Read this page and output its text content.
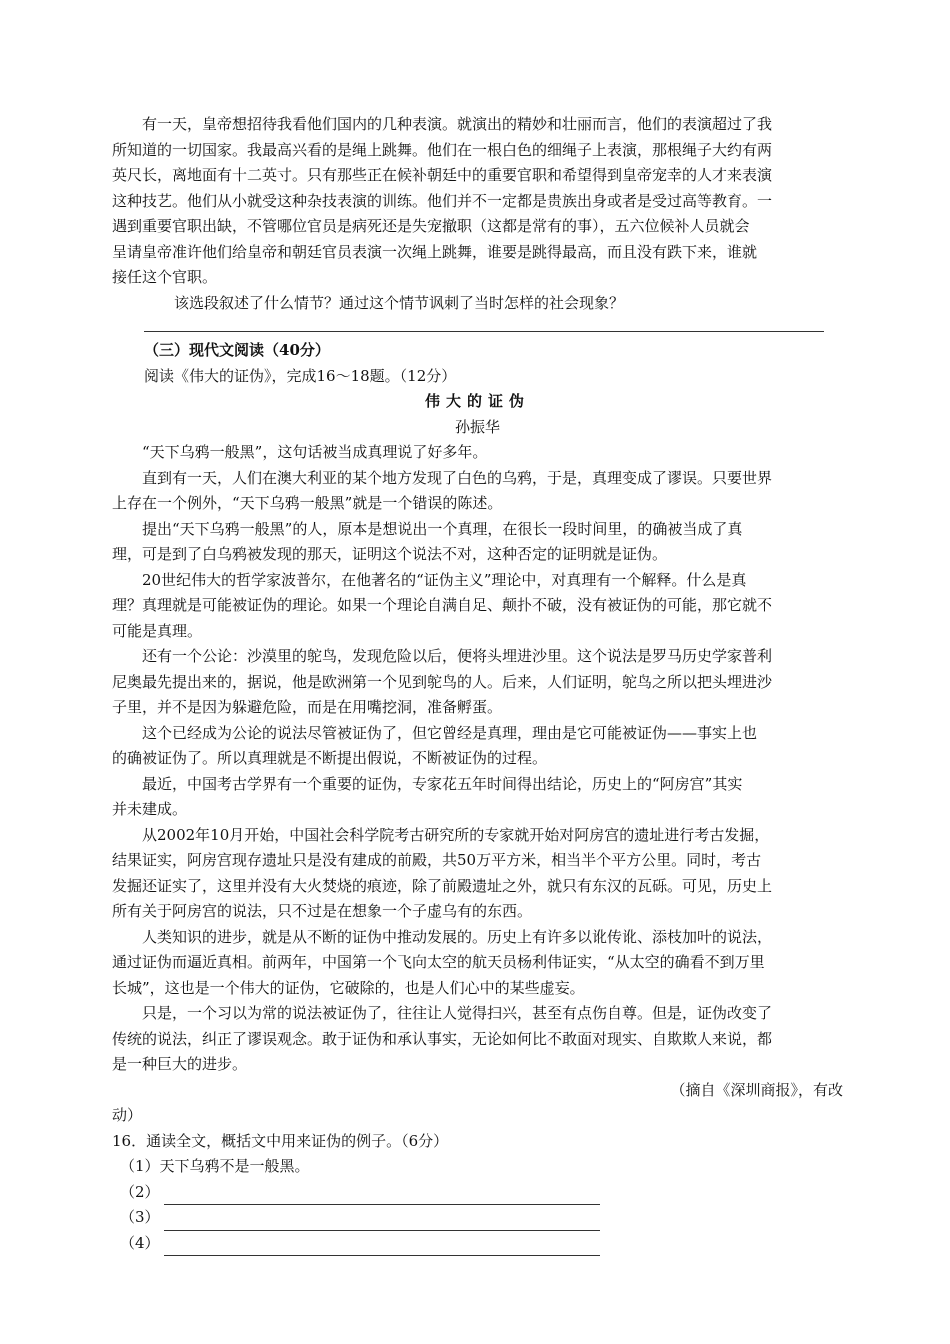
有一天，皇帝想招待我看他们国内的几种表演。就演出的精妙和壮丽而言，他们的表演超过了我

所知道的一切国家。我最高兴看的是绳上跳舞。他们在一根白色的细绳子上表演，那根绳子大约有两

英尺长，离地面有十二英寸。只有那些正在候补朝廷中的重要官职和希望得到皇帝宠幸的人才来表演

这种技艺。他们从小就受这种杂技表演的训练。他们并不一定都是贵族出身或者是受过高等教育。一

遇到重要官职出缺，不管哪位官员是病死还是失宠撤职（这都是常有的事），五六位候补人员就会

呈请皇帝准许他们给皇帝和朝廷官员表演一次绳上跳舞，谁要是跳得最高，而且没有跌下来，谁就

接任这个官职。

该选段叙述了什么情节？通过这个情节讽刺了当时怎样的社会现象？

（三）现代文阅读（40分）

阅读《伟大的证伪》，完成16～18题。（12分）

伟大的证伪

孙振华

“天下乌鸦一般黑”，这句话被当成真理说了好多年。

直到有一天，人们在澳大利亚的某个地方发现了白色的乌鸦，于是，真理变成了谬误。只要世界

上存在一个例外，“天下乌鸦一般黑”就是一个错误的陈述。

提出“天下乌鸦一般黑”的人，原本是想说出一个真理，在很长一段时间里，的确被当成了真

理，可是到了白乌鸦被发现的那天，证明这个说法不对，这种否定的证明就是证伪。

20世纪伟大的哲学家波普尔，在他著名的“证伪主义”理论中，对真理有一个解释。什么是真

理？真理就是可能被证伪的理论。如果一个理论自满自足、颠扑不破，没有被证伪的可能，那它就不

可能是真理。

还有一个公论：沙漠里的鸵鸟，发现危险以后，便将头埋进沙里。这个说法是罗马历史学家普利

尼奥最先提出来的，据说，他是欧洲第一个见到鸵鸟的人。后来，人们证明，鸵鸟之所以把头埋进沙

子里，并不是因为躲避危险，而是在用嘴挖洞，准备孵蛋。

这个已经成为公论的说法尽管被证伪了，但它曾经是真理，理由是它可能被证伪——事实上也

的确被证伪了。所以真理就是不断提出假说，不断被证伪的过程。

最近，中国考古学界有一个重要的证伪，专家花五年时间得出结论，历史上的“阿房宫”其实

并未建成。

从2002年10月开始，中国社会科学院考古研究所的专家就开始对阿房宫的遗址进行考古发掘，

结果证实，阿房宫现存遗址只是没有建成的前殿，共50万平方米，相当半个平方公里。同时，考古

发掘还证实了，这里并没有大火焚烧的痕迹，除了前殿遗址之外，就只有东汉的瓦砾。可见，历史上

所有关于阿房宫的说法，只不过是在想象一个子虚乌有的东西。

人类知识的进步，就是从不断的证伪中推动发展的。历史上有许多以讹传讹、添枝加叶的说法，

通过证伪而逼近真相。前两年，中国第一个飞向太空的航天员杨利伟证实，“从太空的确看不到万里

长城”，这也是一个伟大的证伪，它破除的，也是人们心中的某些虚妄。

只是，一个习以为常的说法被证伪了，往往让人觉得扫兴，甚至有点伤自尊。但是，证伪改变了

传统的说法，纠正了谬误观念。敢于证伪和承认事实，无论如何比不敢面对现实、自欺欺人来说，都

是一种巨大的进步。

（摘自《深圳商报》，有改

动）

16．通读全文，概括文中用来证伪的例子。（6分）

（1）天下乌鸦不是一般黑。
（2）
（3）
（4）
